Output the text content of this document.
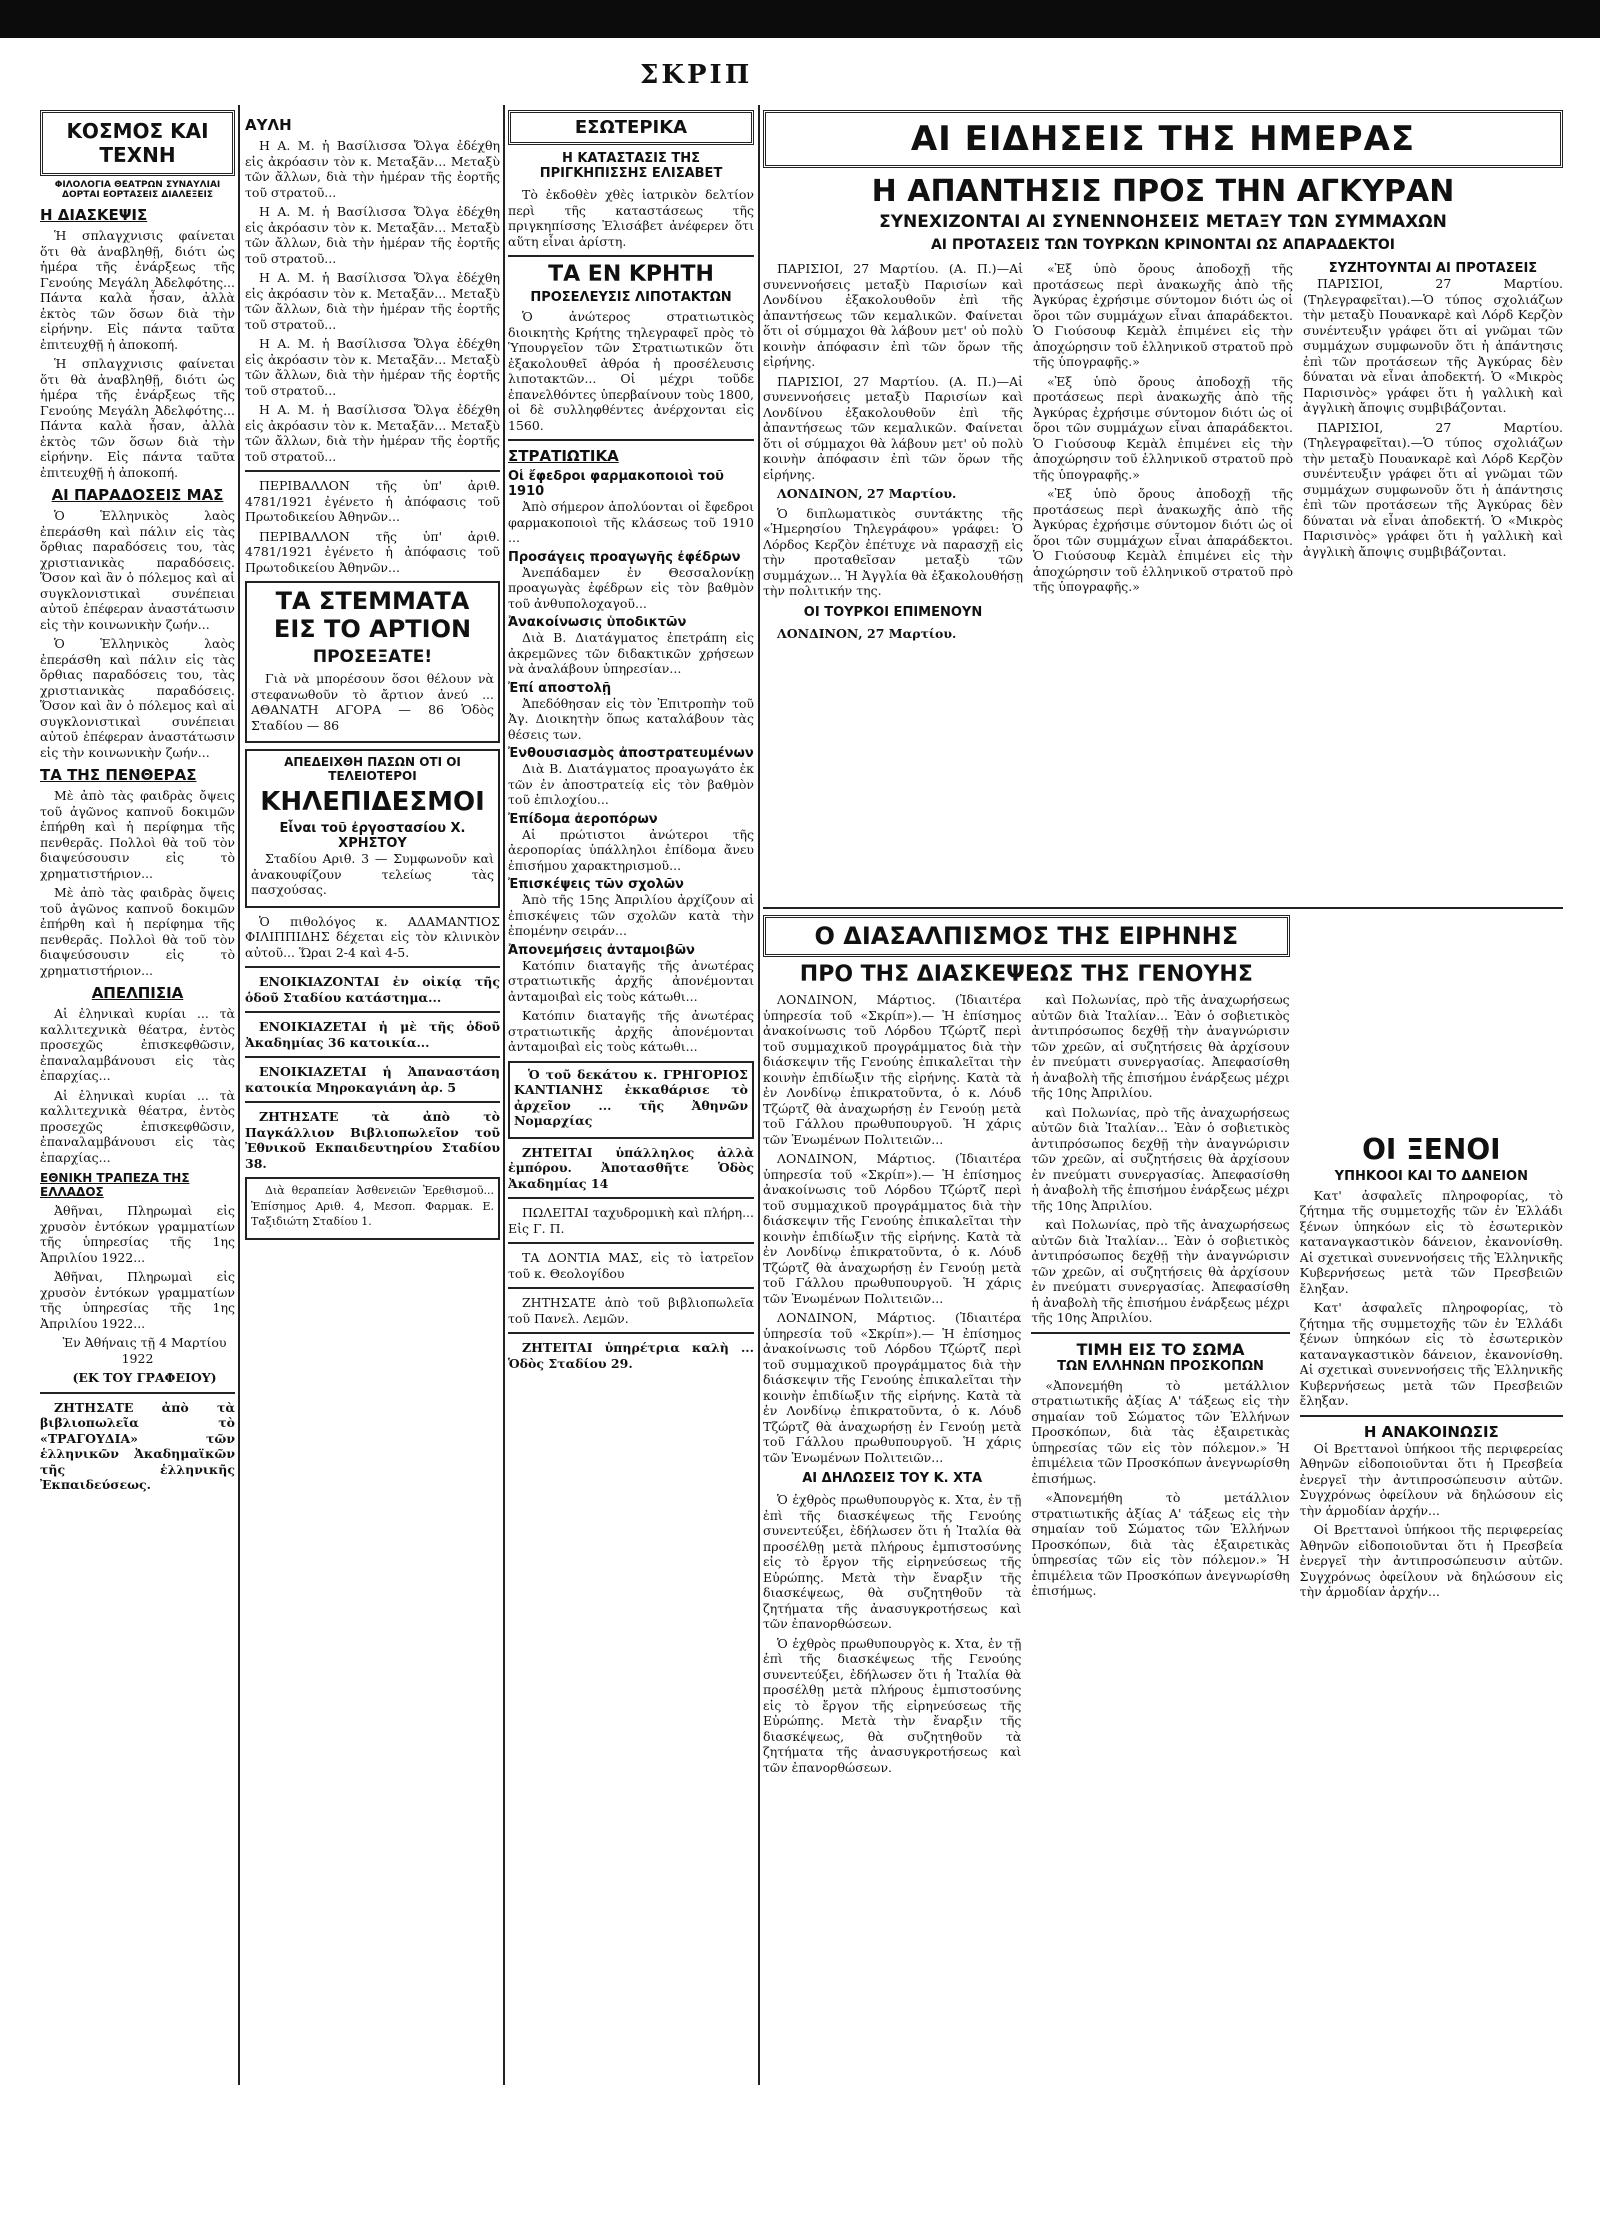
ΣΚΡΙΠ
ΚΟΣΜΟΣ ΚΑΙ ΤΕΧΝΗ
ΦΙΛΟΛΟΓΙΑ ΘΕΑΤΡΩΝ ΣΥΝΑΥΛΙΑΙ ΔΟΡΤΑΙ ΕΟΡΤΑΣΕΙΣ ΔΙΑΛΕΞΕΙΣ
Η ΔΙΑΣΚΕΨΙΣ

Ἡ σπλαγχνισις φαίνεται ὅτι θὰ ἀναβληθῇ, διότι ὡς ἡμέρα τῆς ἐνάρξεως τῆς Γενούης Μεγάλη Ἀδελφότης... Πάντα καλὰ ἦσαν, ἀλλὰ ἐκτὸς τῶν ὅσων διὰ τὴν εἰρήνην. Εἰς πάντα ταῦτα ἐπιτευχθῇ ἡ ἀποκοπή.

Ἡ σπλαγχνισις φαίνεται ὅτι θὰ ἀναβληθῇ, διότι ὡς ἡμέρα τῆς ἐνάρξεως τῆς Γενούης Μεγάλη Ἀδελφότης... Πάντα καλὰ ἦσαν, ἀλλὰ ἐκτὸς τῶν ὅσων διὰ τὴν εἰρήνην. Εἰς πάντα ταῦτα ἐπιτευχθῇ ἡ ἀποκοπή.

ΑΙ ΠΑΡΑΔΟΣΕΙΣ ΜΑΣ

Ὁ Ἑλληνικὸς λαὸς ἐπεράσθη καὶ πάλιν εἰς τὰς ὄρθιας παραδόσεις του, τὰς χριστιανικὰς παραδόσεις. Ὅσον καὶ ἂν ὁ πόλεμος καὶ αἱ συγκλονιστικαὶ συνέπειαι αὐτοῦ ἐπέφεραν ἀναστάτωσιν εἰς τὴν κοινωνικὴν ζωήν...

Ὁ Ἑλληνικὸς λαὸς ἐπεράσθη καὶ πάλιν εἰς τὰς ὄρθιας παραδόσεις του, τὰς χριστιανικὰς παραδόσεις. Ὅσον καὶ ἂν ὁ πόλεμος καὶ αἱ συγκλονιστικαὶ συνέπειαι αὐτοῦ ἐπέφεραν ἀναστάτωσιν εἰς τὴν κοινωνικὴν ζωήν...

ΤΑ ΤΗΣ ΠΕΝΘΕΡΑΣ

Μὲ ἀπὸ τὰς φαιδρὰς ὄψεις τοῦ ἀγῶνος καπνοῦ δοκιμῶν ἐπήρθη καὶ ἡ περίφημα τῆς πενθερᾶς. Πολλοὶ θὰ τοῦ τὸν διαψεύσουσιν εἰς τὸ χρηματιστήριον...

Μὲ ἀπὸ τὰς φαιδρὰς ὄψεις τοῦ ἀγῶνος καπνοῦ δοκιμῶν ἐπήρθη καὶ ἡ περίφημα τῆς πενθερᾶς. Πολλοὶ θὰ τοῦ τὸν διαψεύσουσιν εἰς τὸ χρηματιστήριον...

ΑΠΕΛΠΙΣΙΑ

Αἱ ἐληνικαὶ κυρίαι ... τὰ καλλιτεχνικὰ θέατρα, ἐντὸς προσεχῶς ἐπισκεφθῶσιν, ἐπαναλαμβάνουσι εἰς τὰς ἐπαρχίας...

Αἱ ἐληνικαὶ κυρίαι ... τὰ καλλιτεχνικὰ θέατρα, ἐντὸς προσεχῶς ἐπισκεφθῶσιν, ἐπαναλαμβάνουσι εἰς τὰς ἐπαρχίας...

ΕΘΝΙΚΗ ΤΡΑΠΕΖΑ ΤΗΣ ΕΛΛΑΔΟΣ

Ἀθῆναι, Πληρωμαὶ εἰς χρυσὸν ἐντόκων γραμματίων τῆς ὑπηρεσίας τῆς 1ης Ἀπριλίου 1922...

Ἀθῆναι, Πληρωμαὶ εἰς χρυσὸν ἐντόκων γραμματίων τῆς ὑπηρεσίας τῆς 1ης Ἀπριλίου 1922...

Ἐν Ἀθήναις τῇ 4 Μαρτίου 1922

(ΕΚ ΤΟΥ ΓΡΑΦΕΙΟΥ)

ΖΗΤΗΣΑΤΕ ἀπὸ τὰ βιβλιοπωλεῖα τὸ «ΤΡΑΓΟΥΔΙΑ» τῶν ἑλληνικῶν Ἀκαδημαϊκῶν τῆς ἑλληνικῆς Ἐκπαιδεύσεως.

ΑΥΛΗ

Η Α. Μ. ἡ Βασίλισσα Ὄλγα ἐδέχθη εἰς ἀκρόασιν τὸν κ. Μεταξᾶν... Μεταξὺ τῶν ἄλλων, διὰ τὴν ἡμέραν τῆς ἐορτῆς τοῦ στρατοῦ...

Η Α. Μ. ἡ Βασίλισσα Ὄλγα ἐδέχθη εἰς ἀκρόασιν τὸν κ. Μεταξᾶν... Μεταξὺ τῶν ἄλλων, διὰ τὴν ἡμέραν τῆς ἐορτῆς τοῦ στρατοῦ...

Η Α. Μ. ἡ Βασίλισσα Ὄλγα ἐδέχθη εἰς ἀκρόασιν τὸν κ. Μεταξᾶν... Μεταξὺ τῶν ἄλλων, διὰ τὴν ἡμέραν τῆς ἐορτῆς τοῦ στρατοῦ...

Η Α. Μ. ἡ Βασίλισσα Ὄλγα ἐδέχθη εἰς ἀκρόασιν τὸν κ. Μεταξᾶν... Μεταξὺ τῶν ἄλλων, διὰ τὴν ἡμέραν τῆς ἐορτῆς τοῦ στρατοῦ...

Η Α. Μ. ἡ Βασίλισσα Ὄλγα ἐδέχθη εἰς ἀκρόασιν τὸν κ. Μεταξᾶν... Μεταξὺ τῶν ἄλλων, διὰ τὴν ἡμέραν τῆς ἐορτῆς τοῦ στρατοῦ...

ΠΕΡΙΒΑΛΛΟΝ τῆς ὑπ' ἀριθ. 4781/1921 ἐγένετο ἡ ἀπόφασις τοῦ Πρωτοδικείου Ἀθηνῶν...

ΠΕΡΙΒΑΛΛΟΝ τῆς ὑπ' ἀριθ. 4781/1921 ἐγένετο ἡ ἀπόφασις τοῦ Πρωτοδικείου Ἀθηνῶν...

ΤΑ ΣΤΕΜΜΑΤΑ ΕΙΣ ΤΟ ΑΡΤΙΟΝ
ΠΡΟΣΕΞΑΤΕ!

Γιὰ νὰ μπορέσουν ὅσοι θέλουν νὰ στεφανωθοῦν τὸ ἄρτιον ἀνεύ ... ΑΘΑΝΑΤΗ ΑΓΟΡΑ — 86 Ὁδὸς Σταδίου — 86

ΑΠΕΔΕΙΧΘΗ ΠΑΣΩΝ ΟΤΙ ΟΙ ΤΕΛΕΙΟΤΕΡΟΙ
ΚΗΛΕΠΙΔΕΣΜΟΙ
Εἶναι τοῦ ἐργοστασίου Χ. ΧΡΗΣΤΟΥ

Σταδίου Αριθ. 3 — Συμφωνοῦν καὶ ἀνακουφίζουν τελείως τὰς πασχούσας.

Ὁ πιθολόγος κ. ΑΔΑΜΑΝΤΙΟΣ ΦΙΛΙΠΠΙΔΗΣ δέχεται εἰς τὸν κλινικὸν αὐτοῦ... Ὥραι 2-4 καὶ 4-5.

ΕΝΟΙΚΙΑΖΟΝΤΑΙ ἐν οἰκίᾳ τῆς ὁδοῦ Σταδίου κατάστημα...

ΕΝΟΙΚΙΑΖΕΤΑΙ ἡ μὲ τῆς ὁδοῦ Ἀκαδημίας 36 κατοικία...

ΕΝΟΙΚΙΑΖΕΤΑΙ ἡ Ἀπαναστάση κατοικία Μηροκαγιάνη ἀρ. 5

ΖΗΤΗΣΑΤΕ τὰ ἀπὸ τὸ Παγκάλλιον Βιβλιοπωλεῖον τοῦ Ἐθνικοῦ Εκπαιδευτηρίου Σταδίου 38.

Διὰ θεραπείαν Ἀσθενειῶν Ἐρεθισμοῦ... Ἐπίσημος Αριθ. 4, Μεσοπ. Φαρμακ. Ε. Ταξιδιώτη Σταδίου 1.

ΕΣΩΤΕΡΙΚΑ
Η ΚΑΤΑΣΤΑΣΙΣ ΤΗΣ ΠΡΙΓΚΗΠΙΣΣΗΣ ΕΛΙΣΑΒΕΤ

Τὸ ἐκδοθὲν χθὲς ἰατρικὸν δελτίον περὶ τῆς καταστάσεως τῆς πριγκηπίσσης Ἐλισάβετ ἀνέφερεν ὅτι αὕτη εἶναι ἀρίστη.

ΤΑ ΕΝ ΚΡΗΤΗ
ΠΡΟΣΕΛΕΥΣΙΣ ΛΙΠΟΤΑΚΤΩΝ

Ὁ ἀνώτερος στρατιωτικὸς διοικητὴς Κρήτης τηλεγραφεῖ πρὸς τὸ Ὑπουργεῖον τῶν Στρατιωτικῶν ὅτι ἐξακολουθεῖ ἀθρόα ἡ προσέλευσις λιποτακτῶν... Οἱ μέχρι τοῦδε ἐπανελθόντες ὑπερβαίνουν τοὺς 1800, οἱ δὲ συλληφθέντες ἀνέρχονται εἰς 1560.

ΣΤΡΑΤΙΩΤΙΚΑ
Οἱ ἔφεδροι φαρμακοποιοὶ τοῦ 1910

Ἀπὸ σήμερον ἀπολύονται οἱ ἔφεδροι φαρμακοποιοὶ τῆς κλάσεως τοῦ 1910 ...

Προσάγεις προαγωγῆς ἐφέδρων

Ἀνεπάδαμεν ἐν Θεσσαλονίκῃ προαγωγὰς ἐφέδρων εἰς τὸν βαθμὸν τοῦ ἀνθυπολοχαγοῦ...

Ἀνακοίνωσις ὑποδικτῶν

Διὰ B. Διατάγματος ἐπετράπη εἰς ἀκρεμῶνες τῶν διδακτικῶν χρήσεων νὰ ἀναλάβουν ὑπηρεσίαν...

Ἐπί αποστολῇ

Ἀπεδόθησαν εἰς τὸν Ἐπιτροπὴν τοῦ Ἀγ. Διοικητὴν ὅπως καταλάβουν τὰς θέσεις των.

Ἐνθουσιασμὸς ἀποστρατευμένων

Διὰ B. Διατάγματος προαγωγάτο ἐκ τῶν ἐν ἀποστρατείᾳ εἰς τὸν βαθμὸν τοῦ ἐπιλοχίου...

Ἐπίδομα ἀεροπόρων

Αἱ πρώτιστοι ἀνώτεροι τῆς ἀεροπορίας ὑπάλληλοι ἐπίδομα ἄνευ ἐπισήμου χαρακτηρισμοῦ...

Ἐπισκέψεις τῶν σχολῶν

Ἀπὸ τῆς 15ης Ἀπριλίου ἀρχίζουν αἱ ἐπισκέψεις τῶν σχολῶν κατὰ τὴν ἐπομένην σειράν...

Ἀπονεμήσεις ἀνταμοιβῶν

Κατόπιν διαταγῆς τῆς ἀνωτέρας στρατιωτικῆς ἀρχῆς ἀπονέμονται ἀνταμοιβαὶ εἰς τοὺς κάτωθι...

Κατόπιν διαταγῆς τῆς ἀνωτέρας στρατιωτικῆς ἀρχῆς ἀπονέμονται ἀνταμοιβαὶ εἰς τοὺς κάτωθι...

Ὁ τοῦ δεκάτου κ. ΓΡΗΓΟΡΙΟΣ ΚΑΝΤΙΑΝΗΣ ἐκκαθάρισε τὸ ἀρχεῖον ... τῆς Ἀθηνῶν Νομαρχίας

ΖΗΤΕΙΤΑΙ ὑπάλληλος ἀλλὰ ἐμπόρου. Ἀποτασθῆτε Ὁδὸς Ἀκαδημίας 14

ΠΩΛΕΙΤΑΙ ταχυδρομικὴ καὶ πλήρη... Εἰς Γ. Π.

ΤΑ ΔΟΝΤΙΑ ΜΑΣ, εἰς τὸ ἰατρεῖον τοῦ κ. Θεολογίδου

ΖΗΤΗΣΑΤΕ ἀπὸ τοῦ βιβλιοπωλεῖα τοῦ Πανελ. Λεμῶν.

ΖΗΤΕΙΤΑΙ ὑπηρέτρια καλὴ ... Ὁδὸς Σταδίου 29.

ΑΙ ΕΙΔΗΣΕΙΣ ΤΗΣ ΗΜΕΡΑΣ
Η ΑΠΑΝΤΗΣΙΣ ΠΡΟΣ ΤΗΝ ΑΓΚΥΡΑΝ
ΣΥΝΕΧΙΖΟΝΤΑΙ ΑΙ ΣΥΝΕΝΝΟΗΣΕΙΣ ΜΕΤΑΞΥ ΤΩΝ ΣΥΜΜΑΧΩΝ
ΑΙ ΠΡΟΤΑΣΕΙΣ ΤΩΝ ΤΟΥΡΚΩΝ ΚΡΙΝΟΝΤΑΙ ΩΣ ΑΠΑΡΑΔΕΚΤΟΙ

ΠΑΡΙΣΙΟΙ, 27 Μαρτίου. (Α. Π.)—Αἱ συνεννοήσεις μεταξὺ Παρισίων καὶ Λονδίνου ἐξακολουθοῦν ἐπὶ τῆς ἀπαντήσεως τῶν κεμαλικῶν. Φαίνεται ὅτι οἱ σύμμαχοι θὰ λάβουν μετ' οὐ πολὺ κοινὴν ἀπόφασιν ἐπὶ τῶν ὅρων τῆς εἰρήνης.

ΠΑΡΙΣΙΟΙ, 27 Μαρτίου. (Α. Π.)—Αἱ συνεννοήσεις μεταξὺ Παρισίων καὶ Λονδίνου ἐξακολουθοῦν ἐπὶ τῆς ἀπαντήσεως τῶν κεμαλικῶν. Φαίνεται ὅτι οἱ σύμμαχοι θὰ λάβουν μετ' οὐ πολὺ κοινὴν ἀπόφασιν ἐπὶ τῶν ὅρων τῆς εἰρήνης.

ΛΟΝΔΙΝΟΝ, 27 Μαρτίου.

Ὁ διπλωματικὸς συντάκτης τῆς «Ἡμερησίου Τηλεγράφου» γράφει: Ὁ Λόρδος Κερζὸν ἐπέτυχε νὰ παρασχῇ εἰς τὴν προταθεῖσαν μεταξὺ τῶν συμμάχων... Ἡ Ἀγγλία θὰ ἐξακολουθήσῃ τὴν πολιτικήν της.

ΟΙ ΤΟΥΡΚΟΙ ΕΠΙΜΕΝΟΥΝ

ΛΟΝΔΙΝΟΝ, 27 Μαρτίου.

«Ἐξ ὑπὸ ὄρους ἀποδοχῇ τῆς προτάσεως περὶ ἀνακωχῆς ἀπὸ τῆς Ἀγκύρας ἐχρήσιμε σύντομον διότι ὡς οἱ ὅροι τῶν συμμάχων εἶναι ἀπαράδεκτοι. Ὁ Γιούσουφ Κεμὰλ ἐπιμένει εἰς τὴν ἀποχώρησιν τοῦ ἑλληνικοῦ στρατοῦ πρὸ τῆς ὑπογραφῆς.»

«Ἐξ ὑπὸ ὄρους ἀποδοχῇ τῆς προτάσεως περὶ ἀνακωχῆς ἀπὸ τῆς Ἀγκύρας ἐχρήσιμε σύντομον διότι ὡς οἱ ὅροι τῶν συμμάχων εἶναι ἀπαράδεκτοι. Ὁ Γιούσουφ Κεμὰλ ἐπιμένει εἰς τὴν ἀποχώρησιν τοῦ ἑλληνικοῦ στρατοῦ πρὸ τῆς ὑπογραφῆς.»

«Ἐξ ὑπὸ ὄρους ἀποδοχῇ τῆς προτάσεως περὶ ἀνακωχῆς ἀπὸ τῆς Ἀγκύρας ἐχρήσιμε σύντομον διότι ὡς οἱ ὅροι τῶν συμμάχων εἶναι ἀπαράδεκτοι. Ὁ Γιούσουφ Κεμὰλ ἐπιμένει εἰς τὴν ἀποχώρησιν τοῦ ἑλληνικοῦ στρατοῦ πρὸ τῆς ὑπογραφῆς.»

ΣΥΖΗΤΟΥΝΤΑΙ ΑΙ ΠΡΟΤΑΣΕΙΣ

ΠΑΡΙΣΙΟΙ, 27 Μαρτίου. (Τηλεγραφεῖται).—Ὁ τύπος σχολιάζων τὴν μεταξὺ Πουανκαρὲ καὶ Λόρδ Κερζὸν συνέντευξιν γράφει ὅτι αἱ γνῶμαι τῶν συμμάχων συμφωνοῦν ὅτι ἡ ἀπάντησις ἐπὶ τῶν προτάσεων τῆς Ἀγκύρας δὲν δύναται νὰ εἶναι ἀποδεκτή. Ὁ «Μικρὸς Παρισινὸς» γράφει ὅτι ἡ γαλλικὴ καὶ ἀγγλικὴ ἄποψις συμβιβάζονται.

ΠΑΡΙΣΙΟΙ, 27 Μαρτίου. (Τηλεγραφεῖται).—Ὁ τύπος σχολιάζων τὴν μεταξὺ Πουανκαρὲ καὶ Λόρδ Κερζὸν συνέντευξιν γράφει ὅτι αἱ γνῶμαι τῶν συμμάχων συμφωνοῦν ὅτι ἡ ἀπάντησις ἐπὶ τῶν προτάσεων τῆς Ἀγκύρας δὲν δύναται νὰ εἶναι ἀποδεκτή. Ὁ «Μικρὸς Παρισινὸς» γράφει ὅτι ἡ γαλλικὴ καὶ ἀγγλικὴ ἄποψις συμβιβάζονται.

Ο ΔΙΑΣΑΛΠΙΣΜΟΣ ΤΗΣ ΕΙΡΗΝΗΣ
ΠΡΟ ΤΗΣ ΔΙΑΣΚΕΨΕΩΣ ΤΗΣ ΓΕΝΟΥΗΣ

ΛΟΝΔΙΝΟΝ, Μάρτιος. (Ἰδιαιτέρα ὑπηρεσία τοῦ «Σκρίπ»).— Ἡ ἐπίσημος ἀνακοίνωσις τοῦ Λόρδου Τζώρτζ περὶ τοῦ συμμαχικοῦ προγράμματος διὰ τὴν διάσκεψιν τῆς Γενούης ἐπικαλεῖται τὴν κοινὴν ἐπιδίωξιν τῆς εἰρήνης. Κατὰ τὰ ἐν Λονδίνῳ ἐπικρατοῦντα, ὁ κ. Λόυδ Τζώρτζ θὰ ἀναχωρήσῃ ἐν Γενούῃ μετὰ τοῦ Γάλλου πρωθυπουργοῦ. Ἡ χάρις τῶν Ἑνωμένων Πολιτειῶν...

ΛΟΝΔΙΝΟΝ, Μάρτιος. (Ἰδιαιτέρα ὑπηρεσία τοῦ «Σκρίπ»).— Ἡ ἐπίσημος ἀνακοίνωσις τοῦ Λόρδου Τζώρτζ περὶ τοῦ συμμαχικοῦ προγράμματος διὰ τὴν διάσκεψιν τῆς Γενούης ἐπικαλεῖται τὴν κοινὴν ἐπιδίωξιν τῆς εἰρήνης. Κατὰ τὰ ἐν Λονδίνῳ ἐπικρατοῦντα, ὁ κ. Λόυδ Τζώρτζ θὰ ἀναχωρήσῃ ἐν Γενούῃ μετὰ τοῦ Γάλλου πρωθυπουργοῦ. Ἡ χάρις τῶν Ἑνωμένων Πολιτειῶν...

ΛΟΝΔΙΝΟΝ, Μάρτιος. (Ἰδιαιτέρα ὑπηρεσία τοῦ «Σκρίπ»).— Ἡ ἐπίσημος ἀνακοίνωσις τοῦ Λόρδου Τζώρτζ περὶ τοῦ συμμαχικοῦ προγράμματος διὰ τὴν διάσκεψιν τῆς Γενούης ἐπικαλεῖται τὴν κοινὴν ἐπιδίωξιν τῆς εἰρήνης. Κατὰ τὰ ἐν Λονδίνῳ ἐπικρατοῦντα, ὁ κ. Λόυδ Τζώρτζ θὰ ἀναχωρήσῃ ἐν Γενούῃ μετὰ τοῦ Γάλλου πρωθυπουργοῦ. Ἡ χάρις τῶν Ἑνωμένων Πολιτειῶν...

ΑΙ ΔΗΛΩΣΕΙΣ ΤΟΥ Κ. ΧΤΑ

Ὁ ἐχθρὸς πρωθυπουργὸς κ. Χτα, ἐν τῇ ἐπὶ τῆς διασκέψεως τῆς Γενούης συνεντεύξει, ἐδήλωσεν ὅτι ἡ Ἰταλία θὰ προσέλθῃ μετὰ πλήρους ἐμπιστοσύνης εἰς τὸ ἔργον τῆς εἰρηνεύσεως τῆς Εὐρώπης. Μετὰ τὴν ἔναρξιν τῆς διασκέψεως, θὰ συζητηθοῦν τὰ ζητήματα τῆς ἀνασυγκροτήσεως καὶ τῶν ἐπανορθώσεων.

Ὁ ἐχθρὸς πρωθυπουργὸς κ. Χτα, ἐν τῇ ἐπὶ τῆς διασκέψεως τῆς Γενούης συνεντεύξει, ἐδήλωσεν ὅτι ἡ Ἰταλία θὰ προσέλθῃ μετὰ πλήρους ἐμπιστοσύνης εἰς τὸ ἔργον τῆς εἰρηνεύσεως τῆς Εὐρώπης. Μετὰ τὴν ἔναρξιν τῆς διασκέψεως, θὰ συζητηθοῦν τὰ ζητήματα τῆς ἀνασυγκροτήσεως καὶ τῶν ἐπανορθώσεων.

καὶ Πολωνίας, πρὸ τῆς ἀναχωρήσεως αὐτῶν διὰ Ἰταλίαν... Ἐὰν ὁ σοβιετικὸς ἀντιπρόσωπος δεχθῇ τὴν ἀναγνώρισιν τῶν χρεῶν, αἱ συζητήσεις θὰ ἀρχίσουν ἐν πνεύματι συνεργασίας. Ἀπεφασίσθη ἡ ἀναβολὴ τῆς ἐπισήμου ἐνάρξεως μέχρι τῆς 10ης Ἀπριλίου.

καὶ Πολωνίας, πρὸ τῆς ἀναχωρήσεως αὐτῶν διὰ Ἰταλίαν... Ἐὰν ὁ σοβιετικὸς ἀντιπρόσωπος δεχθῇ τὴν ἀναγνώρισιν τῶν χρεῶν, αἱ συζητήσεις θὰ ἀρχίσουν ἐν πνεύματι συνεργασίας. Ἀπεφασίσθη ἡ ἀναβολὴ τῆς ἐπισήμου ἐνάρξεως μέχρι τῆς 10ης Ἀπριλίου.

καὶ Πολωνίας, πρὸ τῆς ἀναχωρήσεως αὐτῶν διὰ Ἰταλίαν... Ἐὰν ὁ σοβιετικὸς ἀντιπρόσωπος δεχθῇ τὴν ἀναγνώρισιν τῶν χρεῶν, αἱ συζητήσεις θὰ ἀρχίσουν ἐν πνεύματι συνεργασίας. Ἀπεφασίσθη ἡ ἀναβολὴ τῆς ἐπισήμου ἐνάρξεως μέχρι τῆς 10ης Ἀπριλίου.

ΤΙΜΗ ΕΙΣ ΤΟ ΣΩΜΑ
ΤΩΝ ΕΛΛΗΝΩΝ ΠΡΟΣΚΟΠΩΝ

«Ἀπονεμήθη τὸ μετάλλιον στρατιωτικῆς ἀξίας Α' τάξεως εἰς τὴν σημαίαν τοῦ Σώματος τῶν Ἑλλήνων Προσκόπων, διὰ τὰς ἐξαιρετικὰς ὑπηρεσίας τῶν εἰς τὸν πόλεμον.» Ἡ ἐπιμέλεια τῶν Προσκόπων ἀνεγνωρίσθη ἐπισήμως.

«Ἀπονεμήθη τὸ μετάλλιον στρατιωτικῆς ἀξίας Α' τάξεως εἰς τὴν σημαίαν τοῦ Σώματος τῶν Ἑλλήνων Προσκόπων, διὰ τὰς ἐξαιρετικὰς ὑπηρεσίας τῶν εἰς τὸν πόλεμον.» Ἡ ἐπιμέλεια τῶν Προσκόπων ἀνεγνωρίσθη ἐπισήμως.

ΟΙ ΞΕΝΟΙ
ΥΠΗΚΟΟΙ ΚΑΙ ΤΟ ΔΑΝΕΙΟΝ

Κατ' ἀσφαλεῖς πληροφορίας, τὸ ζήτημα τῆς συμμετοχῆς τῶν ἐν Ἑλλάδι ξένων ὑπηκόων εἰς τὸ ἐσωτερικὸν καταναγκαστικὸν δάνειον, ἐκανονίσθη. Αἱ σχετικαὶ συνεννοήσεις τῆς Ἑλληνικῆς Κυβερνήσεως μετὰ τῶν Πρεσβειῶν ἔληξαν.

Κατ' ἀσφαλεῖς πληροφορίας, τὸ ζήτημα τῆς συμμετοχῆς τῶν ἐν Ἑλλάδι ξένων ὑπηκόων εἰς τὸ ἐσωτερικὸν καταναγκαστικὸν δάνειον, ἐκανονίσθη. Αἱ σχετικαὶ συνεννοήσεις τῆς Ἑλληνικῆς Κυβερνήσεως μετὰ τῶν Πρεσβειῶν ἔληξαν.

Η ΑΝΑΚΟΙΝΩΣΙΣ

Οἱ Βρεττανοὶ ὑπήκοοι τῆς περιφερείας Ἀθηνῶν εἰδοποιοῦνται ὅτι ἡ Πρεσβεία ἐνεργεῖ τὴν ἀντιπροσώπευσιν αὐτῶν. Συγχρόνως ὀφείλουν νὰ δηλώσουν εἰς τὴν ἁρμοδίαν ἀρχήν...

Οἱ Βρεττανοὶ ὑπήκοοι τῆς περιφερείας Ἀθηνῶν εἰδοποιοῦνται ὅτι ἡ Πρεσβεία ἐνεργεῖ τὴν ἀντιπροσώπευσιν αὐτῶν. Συγχρόνως ὀφείλουν νὰ δηλώσουν εἰς τὴν ἁρμοδίαν ἀρχήν...
